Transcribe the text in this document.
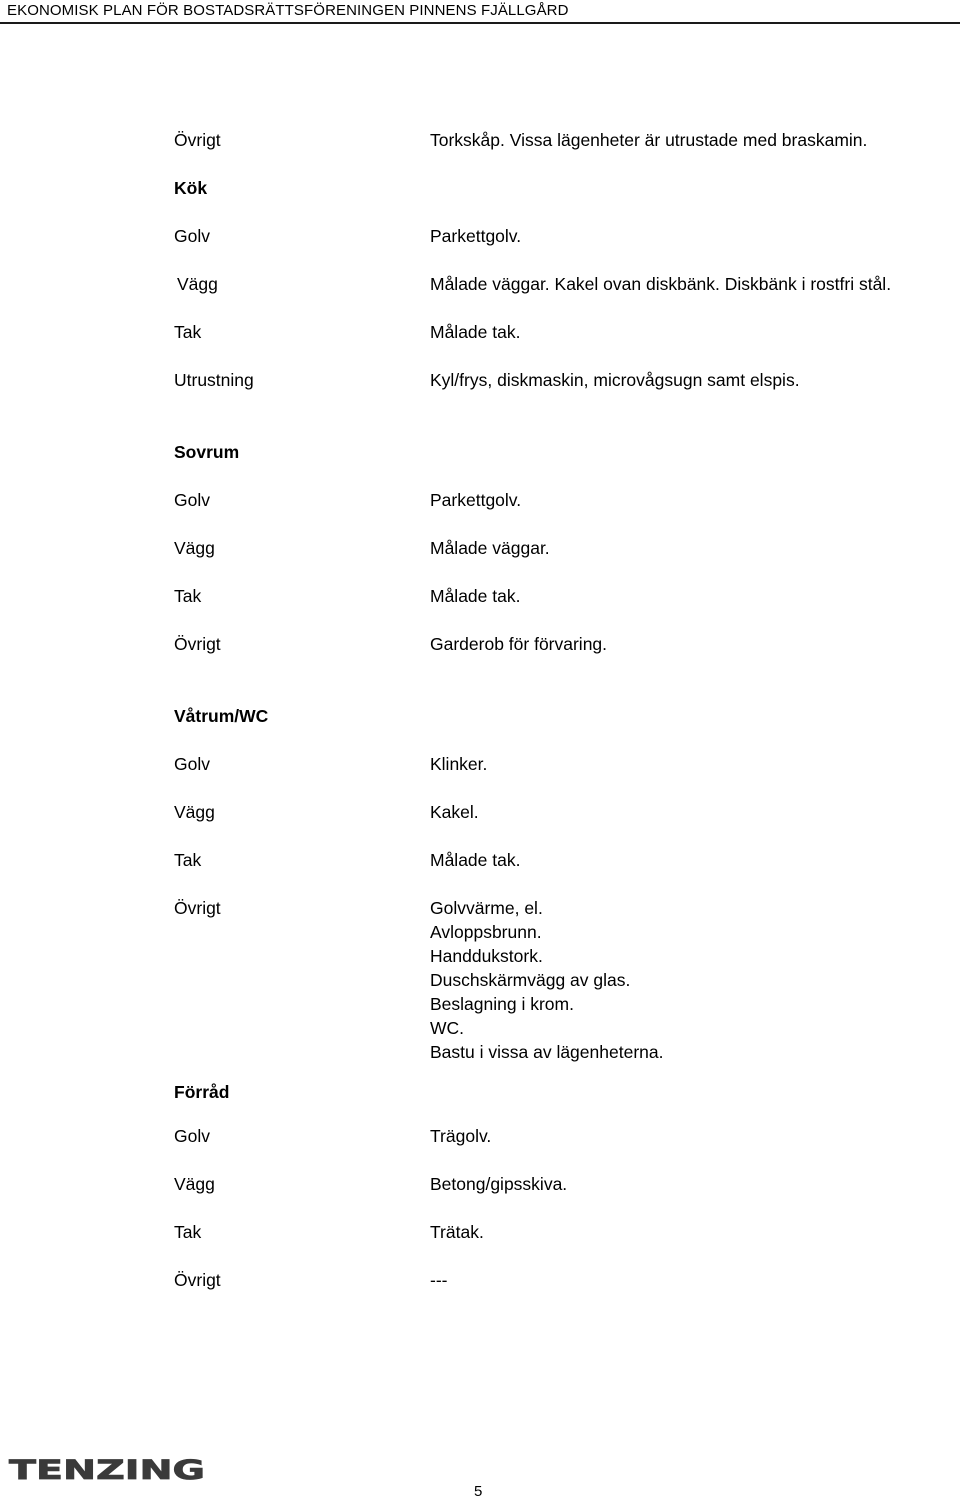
EKONOMISK PLAN FÖR BOSTADSRÄTTSFÖRENINGEN PINNENS FJÄLLGÅRD
Övrigt	Torkskåp. Vissa lägenheter är utrustade med braskamin.
Kök
Golv	Parkettgolv.
Vägg	Målade väggar. Kakel ovan diskbänk. Diskbänk i rostfri stål.
Tak	Målade tak.
Utrustning	Kyl/frys, diskmaskin, microvågsugn samt elspis.
Sovrum
Golv	Parkettgolv.
Vägg	Målade väggar.
Tak	Målade tak.
Övrigt	Garderob för förvaring.
Våtrum/WC
Golv	Klinker.
Vägg	Kakel.
Tak	Målade tak.
Övrigt	Golvvärme, el.
Avloppsbrunn.
Handdukstork.
Duschskärmvägg av glas.
Beslagning i krom.
WC.
Bastu i vissa av lägenheterna.
Förråd
Golv	Trägolv.
Vägg	Betong/gipsskiva.
Tak	Trätak.
Övrigt	---
TENZING
5
